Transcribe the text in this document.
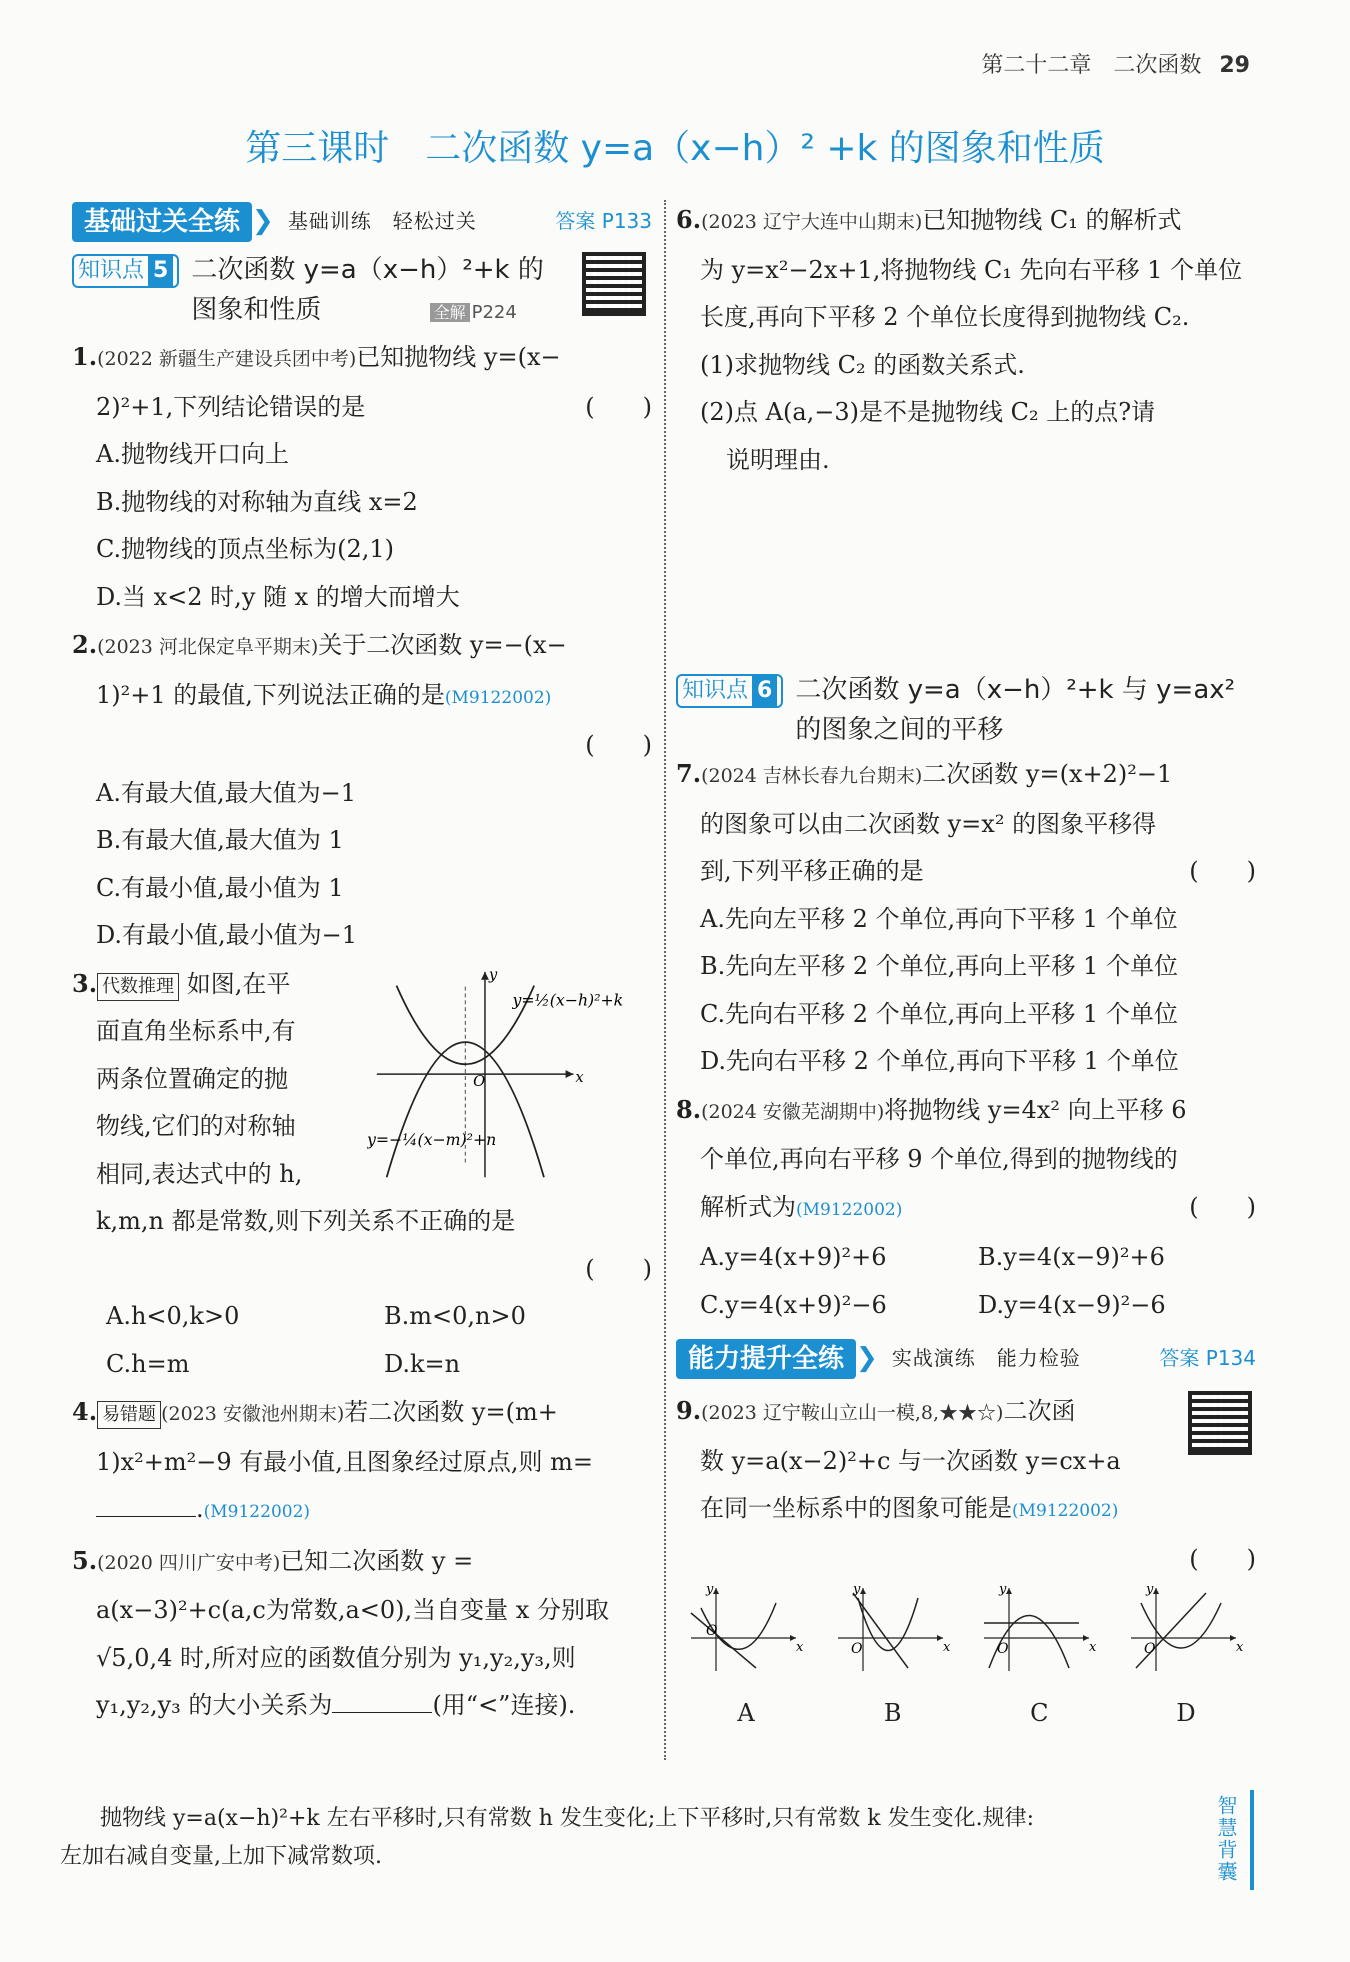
第二十二章　二次函数 29
第三课时　二次函数 y=a（x−h）² +k 的图象和性质
基础过关全练 ❯ 基础训练　轻松过关	答案 P133
知识点 5 二次函数 y=a（x−h）²+k 的
图象和性质	全解 P224
1.(2022 新疆生产建设兵团中考)已知抛物线 y=(x−
2)²+1,下列结论错误的是	(　　)
A.抛物线开口向上
B.抛物线的对称轴为直线 x=2
C.抛物线的顶点坐标为(2,1)
D.当 x<2 时,y 随 x 的增大而增大
2.(2023 河北保定阜平期末)关于二次函数 y=−(x−
1)²+1 的最值,下列说法正确的是(M9122002)
(　　)
A.有最大值,最大值为−1
B.有最大值,最大值为 1
C.有最小值,最小值为 1
D.有最小值,最小值为−1
3. 代数推理 如图,在平
面直角坐标系中,有
两条位置确定的抛
物线,它们的对称轴
相同,表达式中的 h,
O	x
y
y=½(x−h)²+k
y=−¼(x−m)²+n
k,m,n 都是常数,则下列关系不正确的是
(　　)
A.h<0,k>0	B.m<0,n>0
C.h=m	D.k=n
4. 易错题 (2023 安徽池州期末)若二次函数 y=(m+
1)x²+m²−9 有最小值,且图象经过原点,则 m=
.(M9122002)
5.(2020 四川广安中考)已知二次函数 y =
a(x−3)²+c(a,c为常数,a<0),当自变量 x 分别取
√5,0,4 时,所对应的函数值分别为 y₁,y₂,y₃,则
y₁,y₂,y₃ 的大小关系为	(用“<”连接).
6.(2023 辽宁大连中山期末)已知抛物线 C₁ 的解析式
为 y=x²−2x+1,将抛物线 C₁ 先向右平移 1 个单位
长度,再向下平移 2 个单位长度得到抛物线 C₂.
(1)求抛物线 C₂ 的函数关系式.
(2)点 A(a,−3)是不是抛物线 C₂ 上的点?请
说明理由.
知识点 6 二次函数 y=a（x−h）²+k 与 y=ax²
的图象之间的平移
7.(2024 吉林长春九台期末)二次函数 y=(x+2)²−1
的图象可以由二次函数 y=x² 的图象平移得
到,下列平移正确的是	(　　)
A.先向左平移 2 个单位,再向下平移 1 个单位
B.先向左平移 2 个单位,再向上平移 1 个单位
C.先向右平移 2 个单位,再向上平移 1 个单位
D.先向右平移 2 个单位,再向下平移 1 个单位
8.(2024 安徽芜湖期中)将抛物线 y=4x² 向上平移 6
个单位,再向右平移 9 个单位,得到的抛物线的
解析式为(M9122002)	(　　)
A.y=4(x+9)²+6	B.y=4(x−9)²+6
C.y=4(x+9)²−6	D.y=4(x−9)²−6
能力提升全练 ❯ 实战演练　能力检验	答案 P134
9.(2023 辽宁鞍山立山一模,8,★★☆)二次函
数 y=a(x−2)²+c 与一次函数 y=cx+a
在同一坐标系中的图象可能是(M9122002)
(　　)
O
x
y
A
O	x
y
B
O	x
y
C
O	x
y
D
抛物线 y=a(x−h)²+k 左右平移时,只有常数 h 发生变化;上下平移时,只有常数 k 发生变化.规律:
左加右减自变量,上加下减常数项.	智慧背囊
